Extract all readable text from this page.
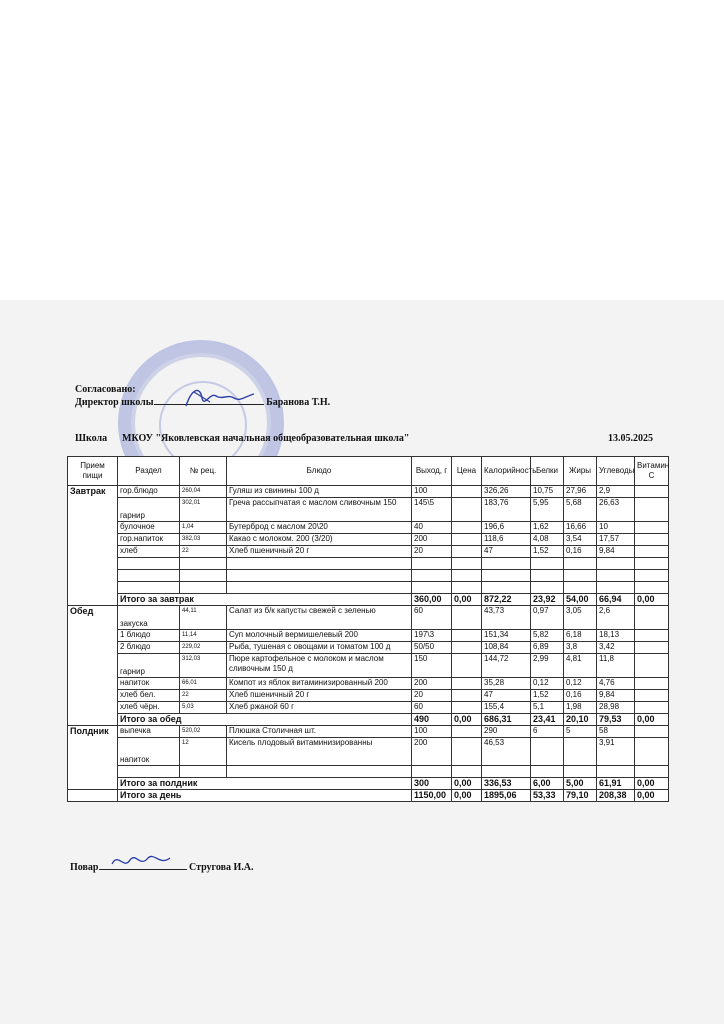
Согласовано:
Директор школы	Баранова Т.Н.
Школа МКОУ "Яковлевская начальная общеобразовательная школа"	13.05.2025
Прием пищи	Раздел	№ рец.	Блюдо	Выход, г	Цена	Калорийность	Белки	Жиры	Углеводы	Витамин С
Завтрак	гор.блюдо	260,04	Гуляш из свинины 100 д	100		326,26	10,75	27,96	2,9	
	гарнир	302,01	Греча рассыпчатая с маслом сливочным 150	145\5		183,76	5,95	5,68	26,63	
	булочное	1,04	Бутерброд с маслом 20\20	40		196,6	1,62	16,66	10	
	гор.напиток	382,03	Какао с молоком. 200 (3/20)	200		118,6	4,08	3,54	17,57	
	хлеб	22	Хлеб пшеничный 20 г	20		47	1,52	0,16	9,84	

	Итого за завтрак			360,00	0,00	872,22	23,92	54,00	66,94	0,00
Обед	закуска	44,11	Салат из б/к капусты свежей с зеленью	60		43,73	0,97	3,05	2,6	
	1 блюдо	11,14	Суп молочный вермишелевый 200	197\3		151,34	5,82	6,18	18,13	
	2 блюдо	229,02	Рыба, тушеная с овощами и томатом 100 д	50/50		108,84	6,89	3,8	3,42	
	гарнир	312,03	Пюре картофельное с молоком и маслом сливочным 150 д	150		144,72	2,99	4,81	11,8	
	напиток	66,01	Компот из яблок витаминизированный 200	200		35,28	0,12	0,12	4,76	
	хлеб бел.	22	Хлеб пшеничный 20 г	20		47	1,52	0,16	9,84	
	хлеб чёрн.	5,03	Хлеб ржаной 60 г	60		155,4	5,1	1,98	28,98	
	Итого за обед			490	0,00	686,31	23,41	20,10	79,53	0,00
Полдник	выпечка	520,02	Плюшка Столичная шт.	100		290	6	5	58	
	напиток	12	Кисель плодовый витаминизированны	200		46,53			3,91	

	Итого за полдник			300	0,00	336,53	6,00	5,00	61,91	0,00
	Итого за день			1150,00	0,00	1895,06	53,33	79,10	208,38	0,00
Повар	Стругова И.А.
